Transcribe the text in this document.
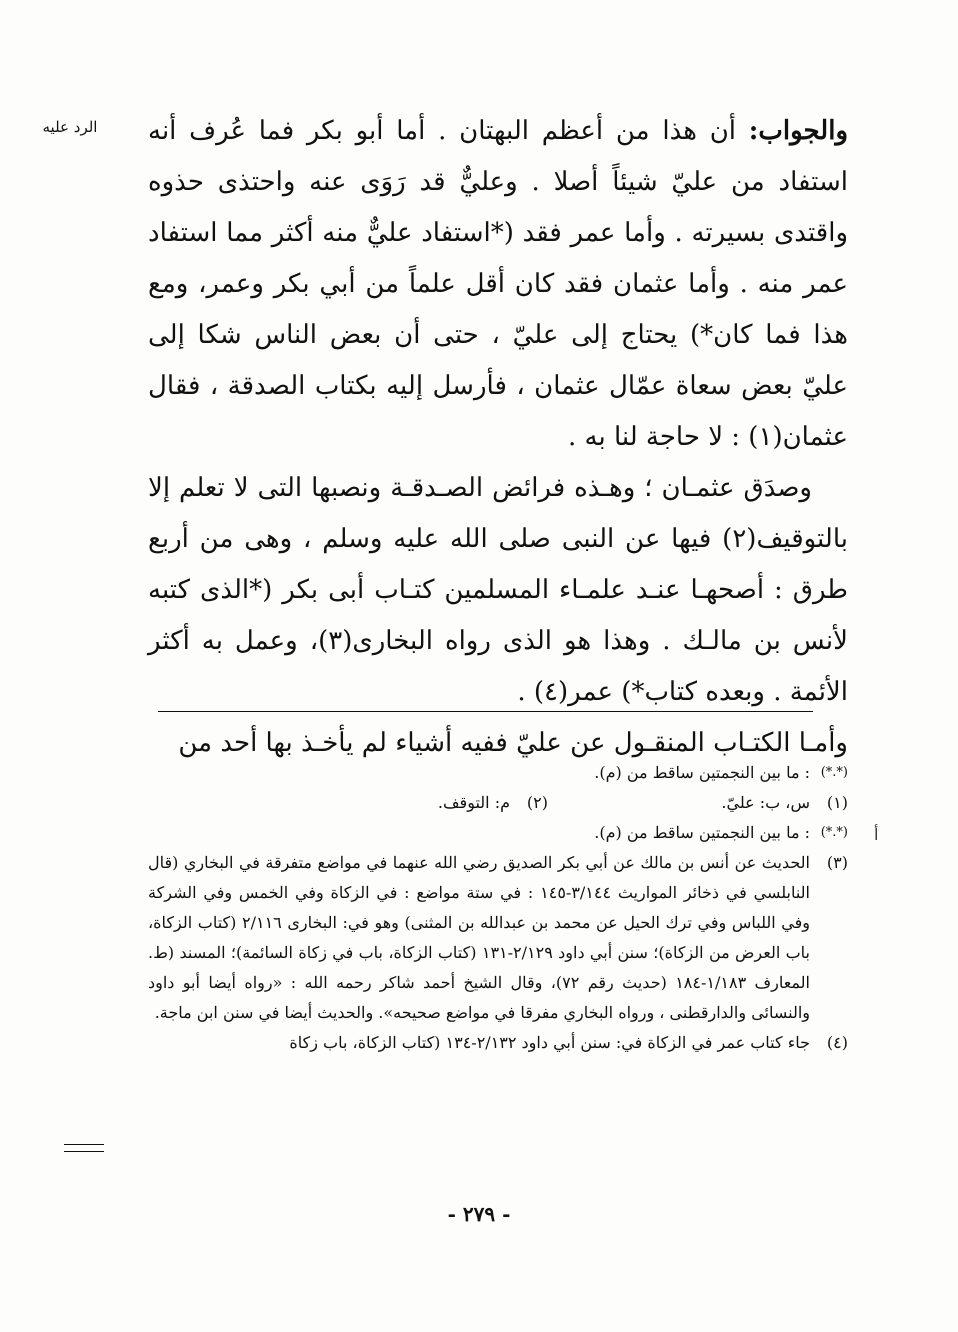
الرد عليه	والجواب: أن هذا من أعظم البهتان . أما أبو بكر فما عُرف أنه استفاد من عليّ شيئاً أصلا . وعليٌّ قد رَوَى عنه واحتذى حذوه واقتدى بسيرته . وأما عمر فقد (*استفاد عليٌّ منه أكثر مما استفاد عمر منه . وأما عثمان فقد كان أقل علماً من أبي بكر وعمر، ومع هذا فما كان*) يحتاج إلى عليّ ، حتى أن بعض الناس شكا إلى عليّ بعض سعاة عمّال عثمان ، فأرسل إليه بكتاب الصدقة ، فقال عثمان(١) : لا حاجة لنا به .

وصدَق عثمـان ؛ وهـذه فرائض الصـدقـة ونصبها التى لا تعلم إلا بالتوقيف(٢) فيها عن النبى صلى الله عليه وسلم ، وهى من أربع طرق : أصحهـا عنـد علمـاء المسلمين كتـاب أبى بكر (*الذى كتبه لأنس بن مالـك . وهذا هو الذى رواه البخارى(٣)، وعمل به أكثر الأئمة . وبعده كتاب*) عمر(٤) .

وأمـا الكتـاب المنقـول عن عليّ ففيه أشياء لم يأخـذ بها أحد من

أ
(*.*)
: ما بين النجمتين ساقط من (م).
(١)
س، ب: عليّ.
(٢)
م: التوقف.
(*.*)
: ما بين النجمتين ساقط من (م).
(٣)
الحديث عن أنس بن مالك عن أبي بكر الصديق رضي الله عنهما في مواضع متفرقة في البخاري (قال النابلسي في ذخائر المواريث ٣/١٤٤-١٤٥ : في ستة مواضع : في الزكاة وفي الخمس وفي الشركة وفي اللباس وفي ترك الحيل عن محمد بن عبدالله بن المثنى) وهو في: البخارى ٢/١١٦ (كتاب الزكاة، باب العرض من الزكاة)؛ سنن أبي داود ٢/١٢٩-١٣١ (كتاب الزكاة، باب في زكاة السائمة)؛ المسند (ط. المعارف ١/١٨٣-١٨٤ (حديث رقم ٧٢)، وقال الشيخ أحمد شاكر رحمه الله : «رواه أيضا أبو داود والنسائى والدارقطنى ، ورواه البخاري مفرقا في مواضع صحيحه». والحديث أيضا في سنن ابن ماجة.
(٤)
جاء كتاب عمر في الزكاة في: سنن أبي داود ٢/١٣٢-١٣٤ (كتاب الزكاة، باب زكاة
- ٢٧٩ -
